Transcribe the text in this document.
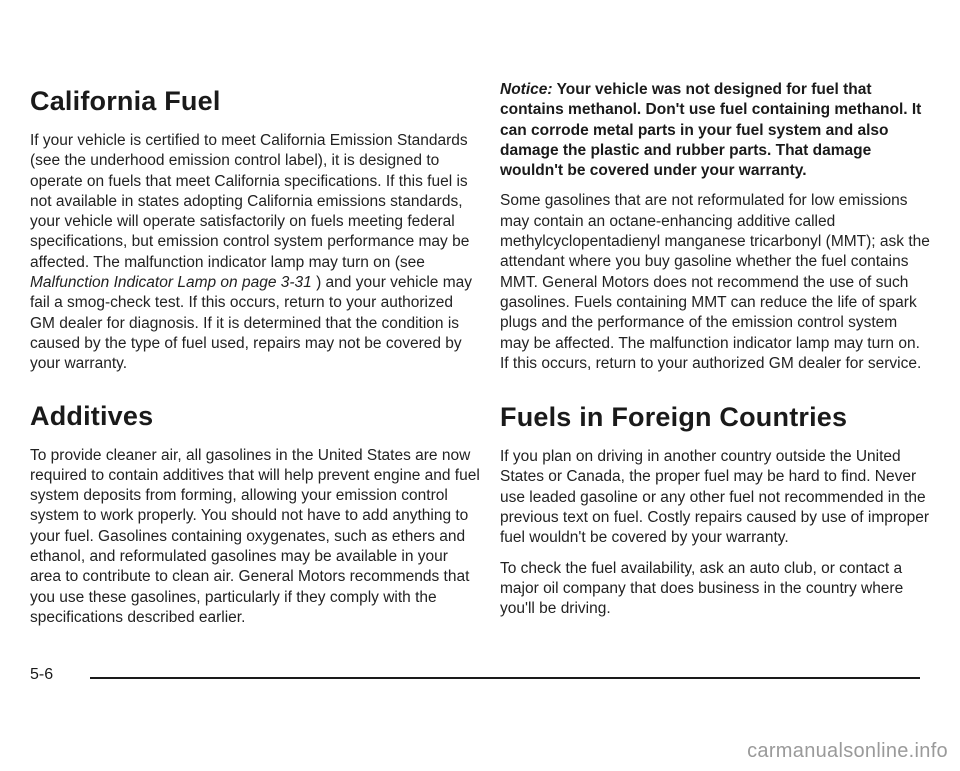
California Fuel

If your vehicle is certified to meet California Emission Standards (see the underhood emission control label), it is designed to operate on fuels that meet California specifications. If this fuel is not available in states adopting California emissions standards, your vehicle will operate satisfactorily on fuels meeting federal specifications, but emission control system performance may be affected. The malfunction indicator lamp may turn on (see Malfunction Indicator Lamp on page 3-31 ) and your vehicle may fail a smog-check test. If this occurs, return to your authorized GM dealer for diagnosis. If it is determined that the condition is caused by the type of fuel used, repairs may not be covered by your warranty.

Additives

To provide cleaner air, all gasolines in the United States are now required to contain additives that will help prevent engine and fuel system deposits from forming, allowing your emission control system to work properly. You should not have to add anything to your fuel. Gasolines containing oxygenates, such as ethers and ethanol, and reformulated gasolines may be available in your area to contribute to clean air. General Motors recommends that you use these gasolines, particularly if they comply with the specifications described earlier.

Notice: Your vehicle was not designed for fuel that contains methanol. Don't use fuel containing methanol. It can corrode metal parts in your fuel system and also damage the plastic and rubber parts. That damage wouldn't be covered under your warranty.

Some gasolines that are not reformulated for low emissions may contain an octane-enhancing additive called methylcyclopentadienyl manganese tricarbonyl (MMT); ask the attendant where you buy gasoline whether the fuel contains MMT. General Motors does not recommend the use of such gasolines. Fuels containing MMT can reduce the life of spark plugs and the performance of the emission control system may be affected. The malfunction indicator lamp may turn on. If this occurs, return to your authorized GM dealer for service.

Fuels in Foreign Countries

If you plan on driving in another country outside the United States or Canada, the proper fuel may be hard to find. Never use leaded gasoline or any other fuel not recommended in the previous text on fuel. Costly repairs caused by use of improper fuel wouldn't be covered by your warranty.

To check the fuel availability, ask an auto club, or contact a major oil company that does business in the country where you'll be driving.

5-6
carmanualsonline.info
